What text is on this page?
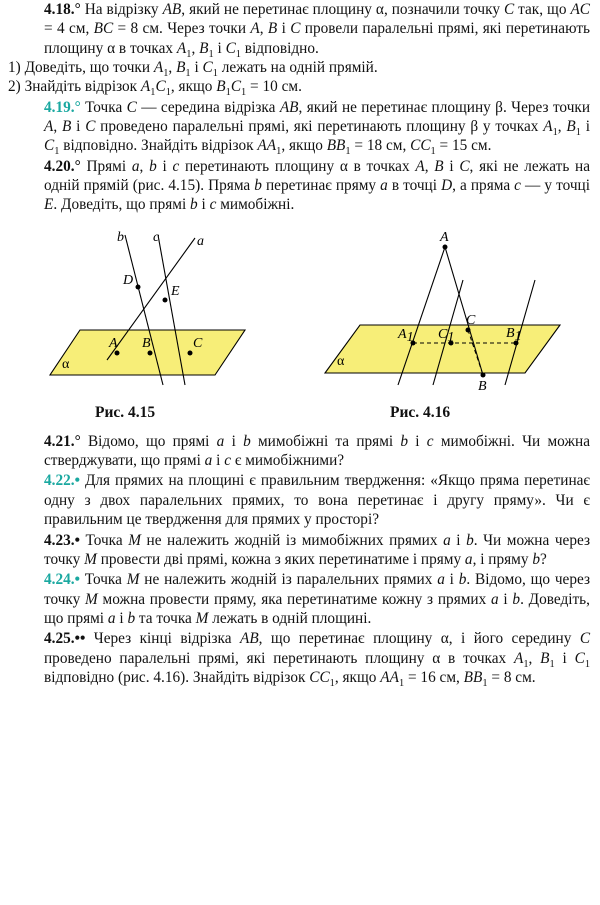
4.18.° На відрізку AB, який не перетинає площину α, позначили точку C так, що AC = 4 см, BC = 8 см. Через точки A, B і C провели паралельні прямі, які перетинають площину α в точках $A_1$, $B_1$ і $C_1$ відповідно.

1) Доведіть, що точки $A_1$, $B_1$ і $C_1$ лежать на одній прямій.

2) Знайдіть відрізок $A_1C_1$, якщо $B_1C_1 = 10$ см.

4.19.° Точка C — середина відрізка AB, який не перетинає площину β. Через точки A, B і C проведено паралельні прямі, які перетинають площину β у точках $A_1$, $B_1$ і $C_1$ відповідно. Знайдіть відрізок $AA_1$, якщо $BB_1 = 18$ см, $CC_1 = 15$ см.

4.20.° Прямі a, b і c перетинають площину α в точках A, B і C, які не лежать на одній прямій (рис. 4.15). Пряма b перетинає пряму a в точці D, а пряма c — у точці E. Доведіть, що прямі b і c мимобіжні.

b c	a
D
E
A B	C
α
A
A1 C1	B1
C
B
α
Рис. 4.15	Рис. 4.16

4.21.° Відомо, що прямі a і b мимобіжні та прямі b і c мимобіжні. Чи можна стверджувати, що прямі a і c є мимобіжними?

4.22.• Для прямих на площині є правильним твердження: «Якщо пряма перетинає одну з двох паралельних прямих, то вона перетинає і другу пряму». Чи є правильним це твердження для прямих у просторі?

4.23.• Точка M не належить жодній із мимобіжних прямих a і b. Чи можна через точку M провести дві прямі, кожна з яких перетинатиме і пряму a, і пряму b?

4.24.• Точка M не належить жодній із паралельних прямих a і b. Відомо, що через точку M можна провести пряму, яка перетинатиме кожну з прямих a і b. Доведіть, що прямі a і b та точка M лежать в одній площині.

4.25.•• Через кінці відрізка AB, що перетинає площину α, і його середину C проведено паралельні прямі, які перетинають площину α в точках $A_1$, $B_1$ і $C_1$ відповідно (рис. 4.16). Знайдіть відрізок $CC_1$, якщо $AA_1 = 16$ см, $BB_1 = 8$ см.
